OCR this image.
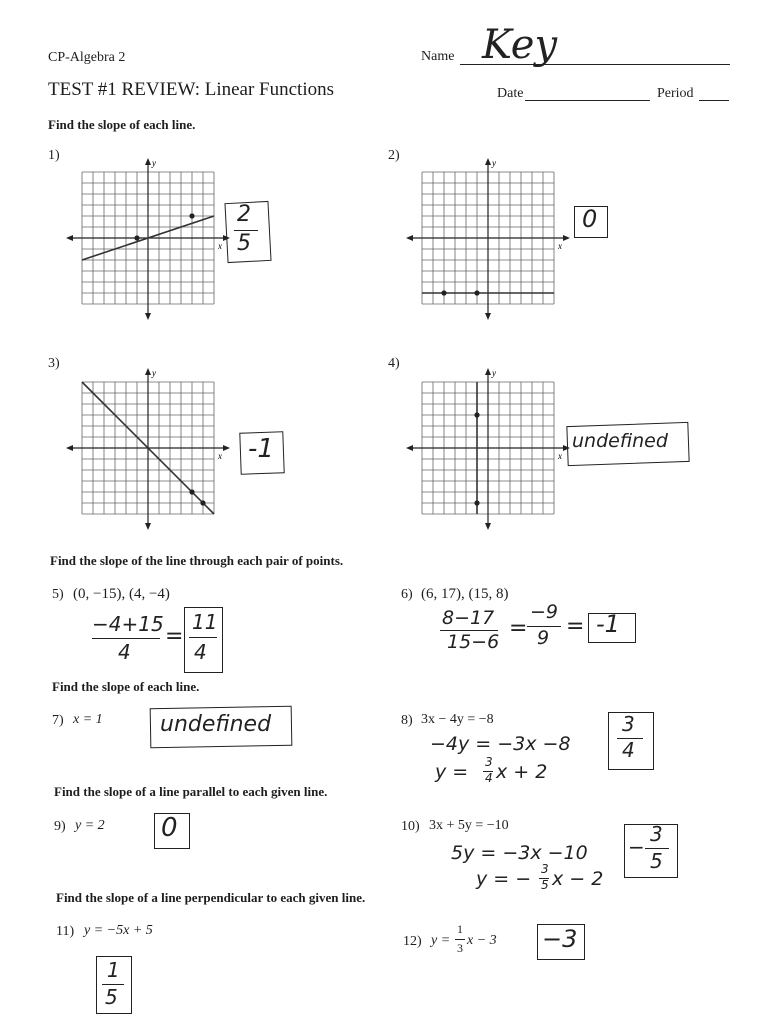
CP-Algebra 2	Name Key
TEST #1 REVIEW: Linear Functions	Date	Period
Find the slope of each line.
1)	2)
3)	4)
x
y
x
y
x
y
x
y
2
5
0
-1	undefined
Find the slope of the line through each pair of points.
5) (0, −15), (4, −4)
−4+15
4
=
11
4
6) (6, 17), (15, 8)
8−17
15−6
=
−9
9 = -1
Find the slope of each line.
7) x = 1	undefined	8) 3x − 4y = −8
−4y = −3x −8
y = 3
4 x + 2
3
4
Find the slope of a line parallel to each given line.
9) y = 2 0	10) 3x + 5y = −10
5y = −3x −10
y = − 3
5 x − 2
−
3
5
Find the slope of a line perpendicular to each given line.
11) y = −5x + 5
1
5
12) y =
1
3 x − 3 −3
